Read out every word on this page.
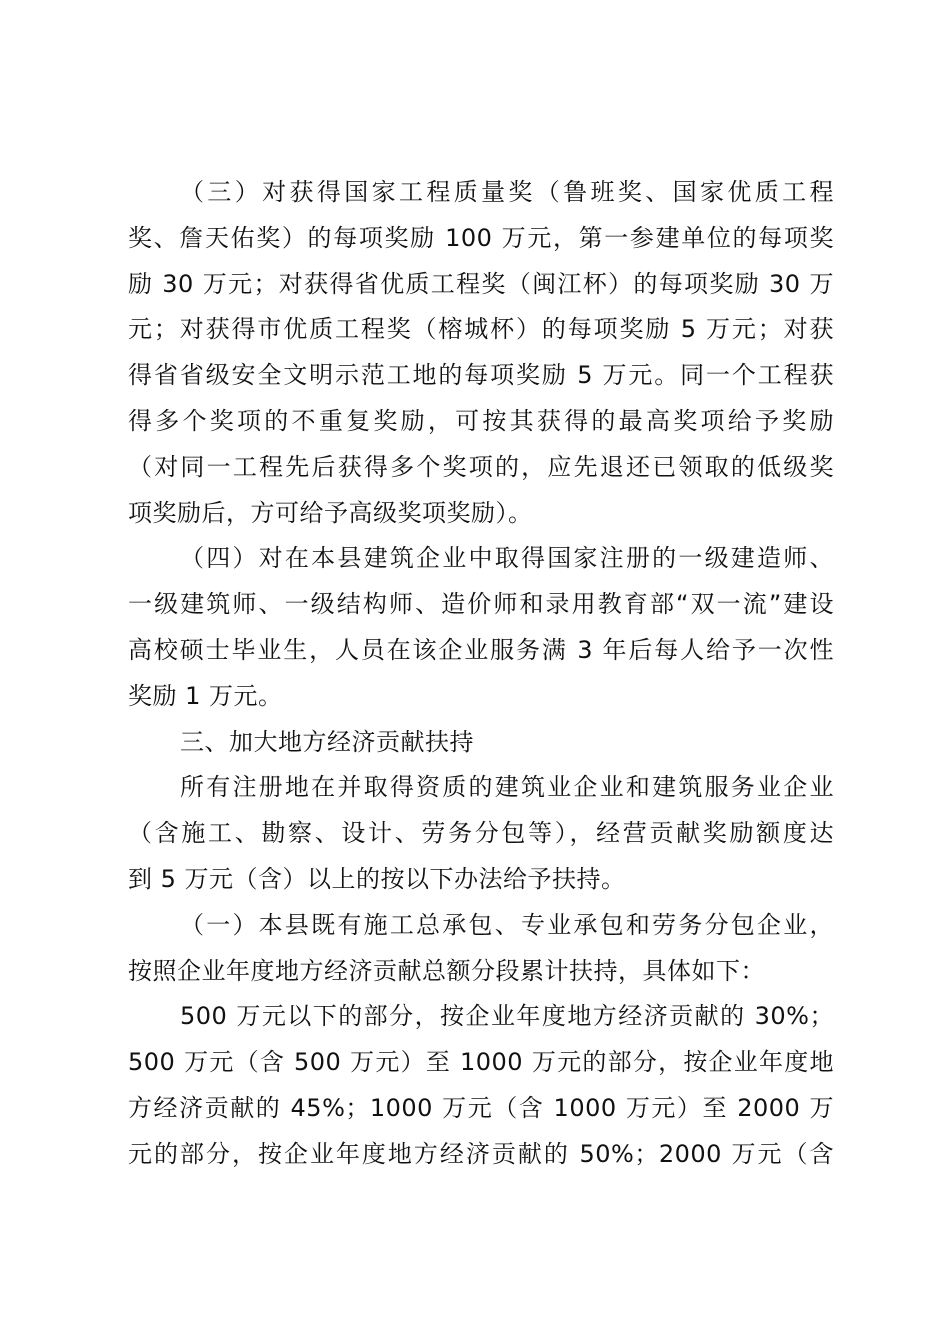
（三）对获得国家工程质量奖（鲁班奖、国家优质工程
奖、詹天佑奖）的每项奖励 100 万元，第一参建单位的每项奖
励 30 万元；对获得省优质工程奖（闽江杯）的每项奖励 30 万
元；对获得市优质工程奖（榕城杯）的每项奖励 5 万元；对获
得省省级安全文明示范工地的每项奖励 5 万元。同一个工程获
得多个奖项的不重复奖励，可按其获得的最高奖项给予奖励
（对同一工程先后获得多个奖项的，应先退还已领取的低级奖
项奖励后，方可给予高级奖项奖励）。
（四）对在本县建筑企业中取得国家注册的一级建造师、
一级建筑师、一级结构师、造价师和录用教育部“双一流”建设
高校硕士毕业生，人员在该企业服务满 3 年后每人给予一次性
奖励 1 万元。
三、加大地方经济贡献扶持
所有注册地在并取得资质的建筑业企业和建筑服务业企业
（含施工、勘察、设计、劳务分包等），经营贡献奖励额度达
到 5 万元（含）以上的按以下办法给予扶持。
（一）本县既有施工总承包、专业承包和劳务分包企业，
按照企业年度地方经济贡献总额分段累计扶持，具体如下：
500 万元以下的部分，按企业年度地方经济贡献的 30%；
500 万元（含 500 万元）至 1000 万元的部分，按企业年度地
方经济贡献的 45%；1000 万元（含 1000 万元）至 2000 万
元的部分，按企业年度地方经济贡献的 50%；2000 万元（含
